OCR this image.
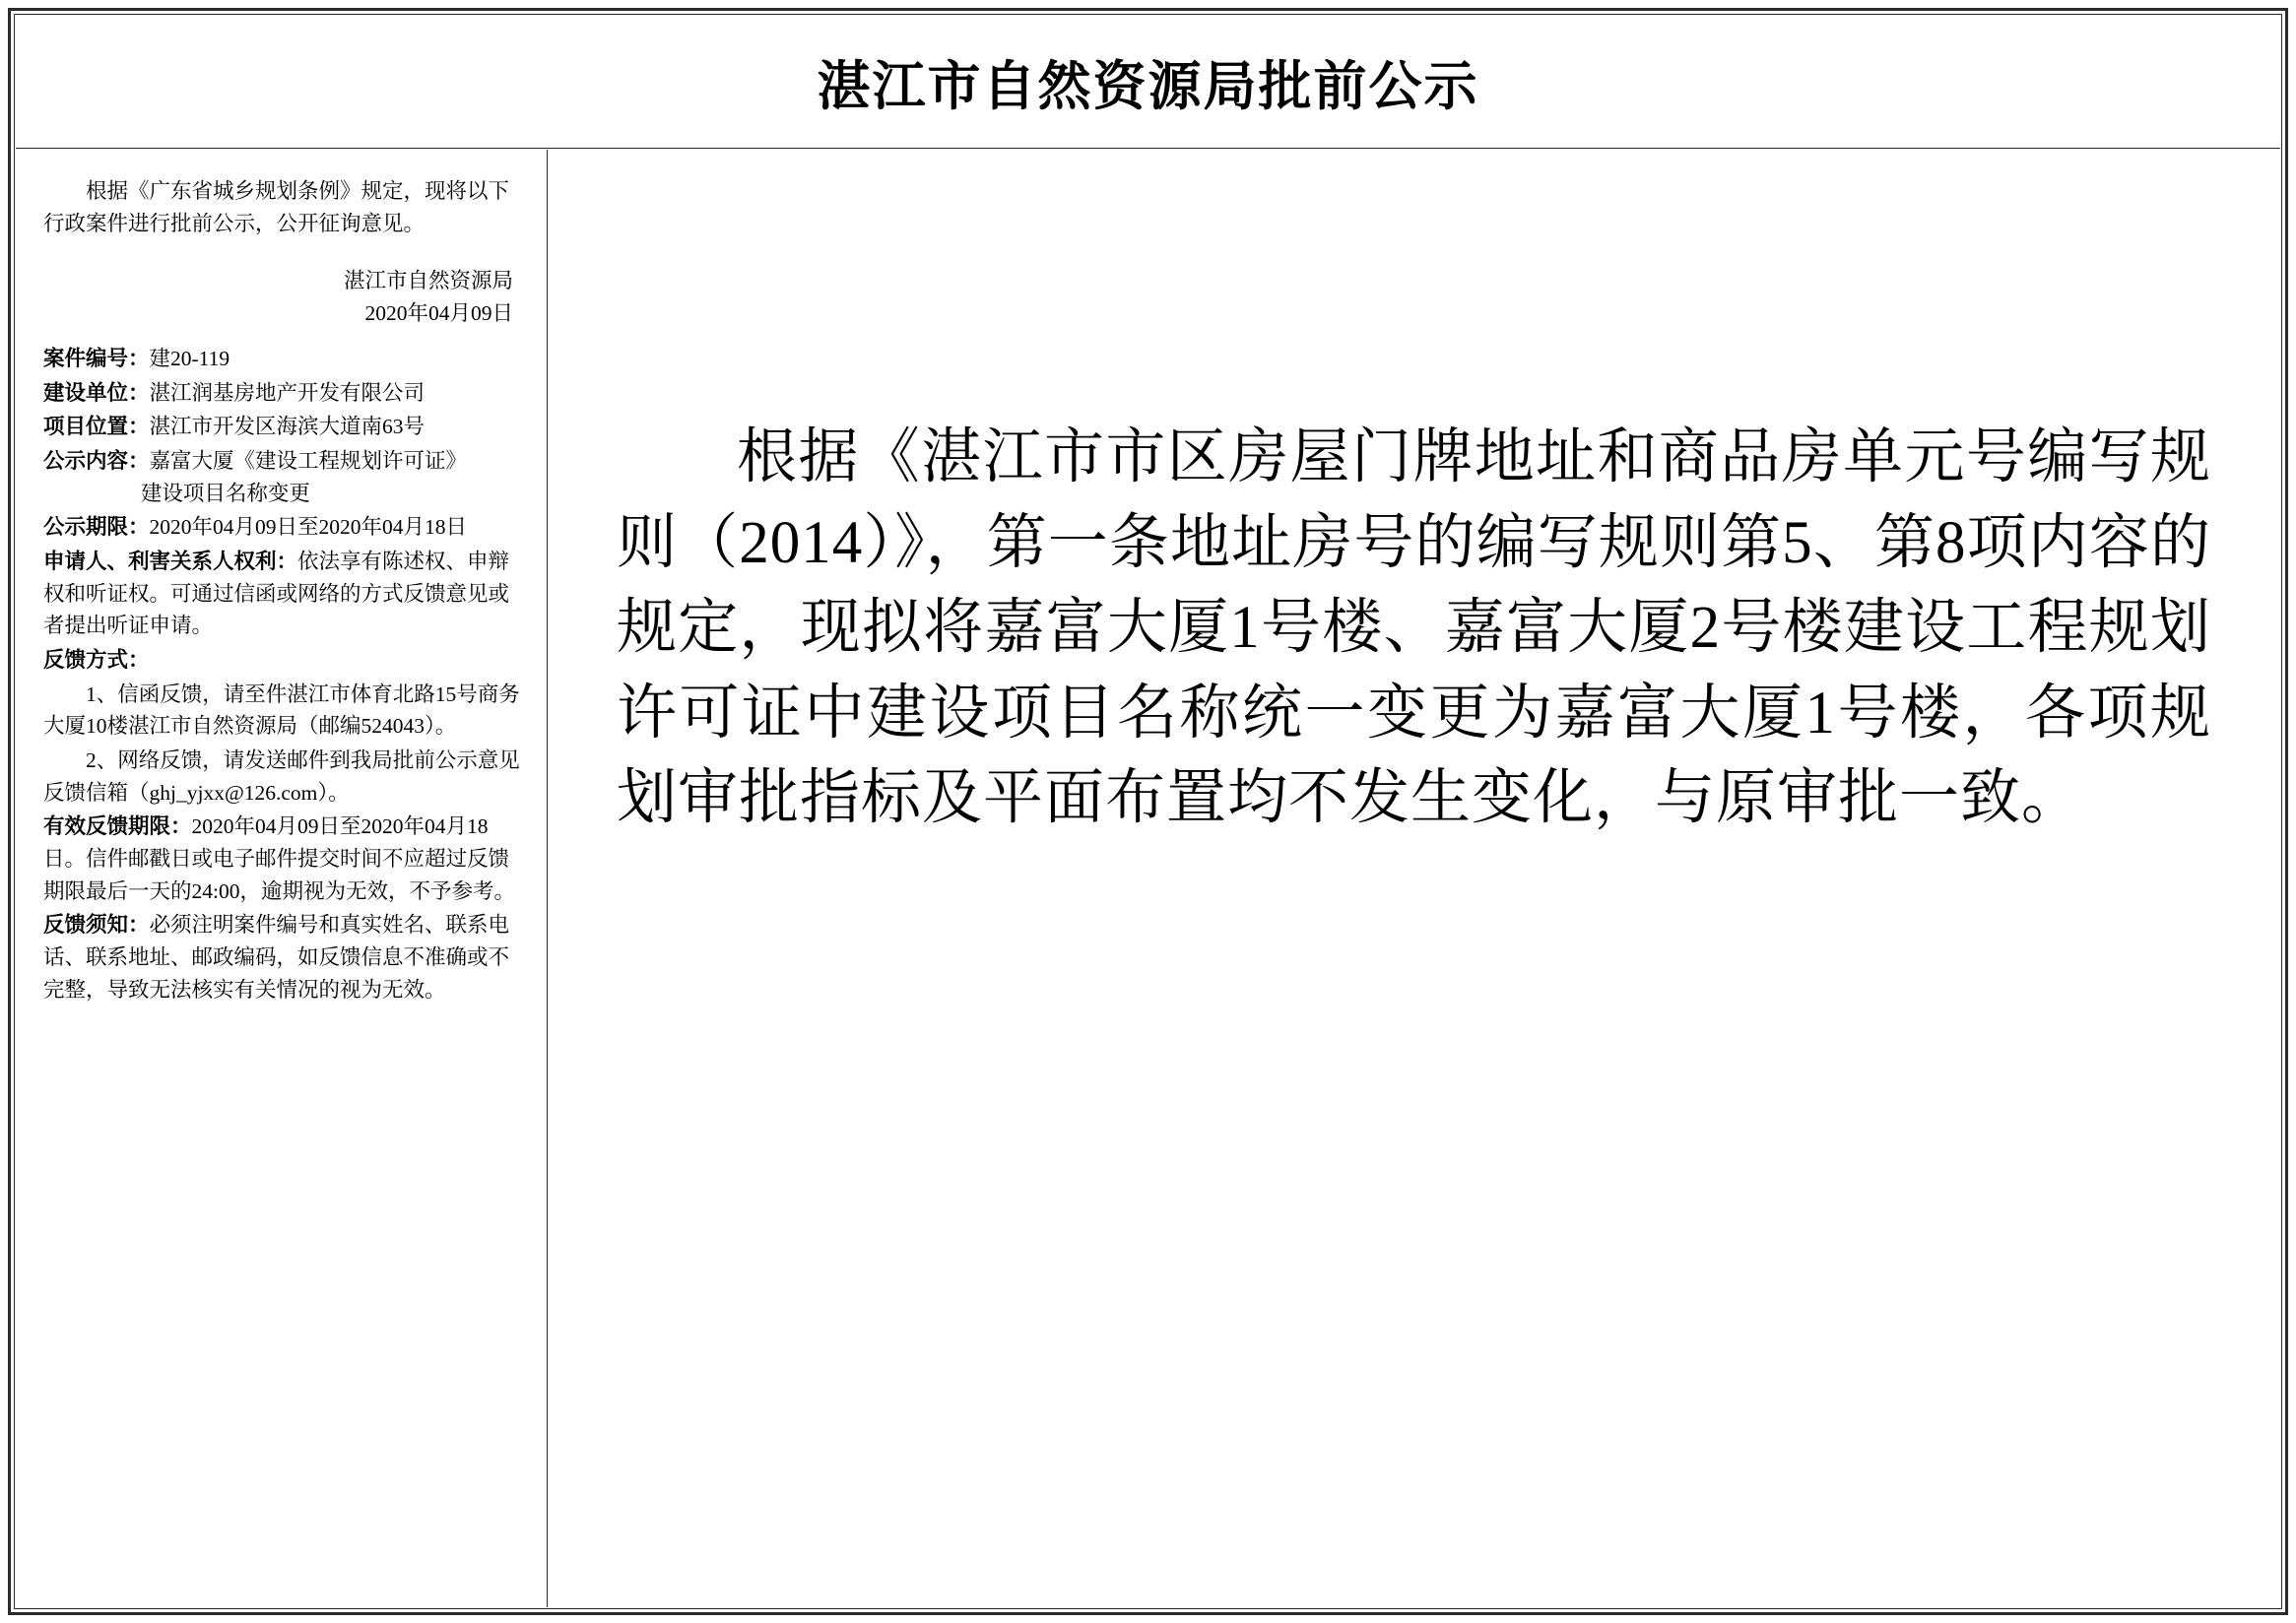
湛江市自然资源局批前公示
根据《广东省城乡规划条例》规定，现将以下行政案件进行批前公示，公开征询意见。
湛江市自然资源局
2020年04月09日
案件编号：建20-119
建设单位：湛江润基房地产开发有限公司
项目位置：湛江市开发区海滨大道南63号
公示内容：嘉富大厦《建设工程规划许可证》
建设项目名称变更
公示期限：2020年04月09日至2020年04月18日
申请人、利害关系人权利：依法享有陈述权、申辩权和听证权。可通过信函或网络的方式反馈意见或者提出听证申请。
反馈方式：
1、信函反馈，请至件湛江市体育北路15号商务大厦10楼湛江市自然资源局（邮编524043）。
2、网络反馈，请发送邮件到我局批前公示意见反馈信箱（ghj_yjxx@126.com）。
有效反馈期限：2020年04月09日至2020年04月18日。信件邮戳日或电子邮件提交时间不应超过反馈期限最后一天的24:00，逾期视为无效，不予参考。
反馈须知：必须注明案件编号和真实姓名、联系电话、联系地址、邮政编码，如反馈信息不准确或不完整，导致无法核实有关情况的视为无效。
根据《湛江市市区房屋门牌地址和商品房单元号编写规则（2014）》，第一条地址房号的编写规则第5、第8项内容的规定，现拟将嘉富大厦1号楼、嘉富大厦2号楼建设工程规划许可证中建设项目名称统一变更为嘉富大厦1号楼，各项规划审批指标及平面布置均不发生变化，与原审批一致。
